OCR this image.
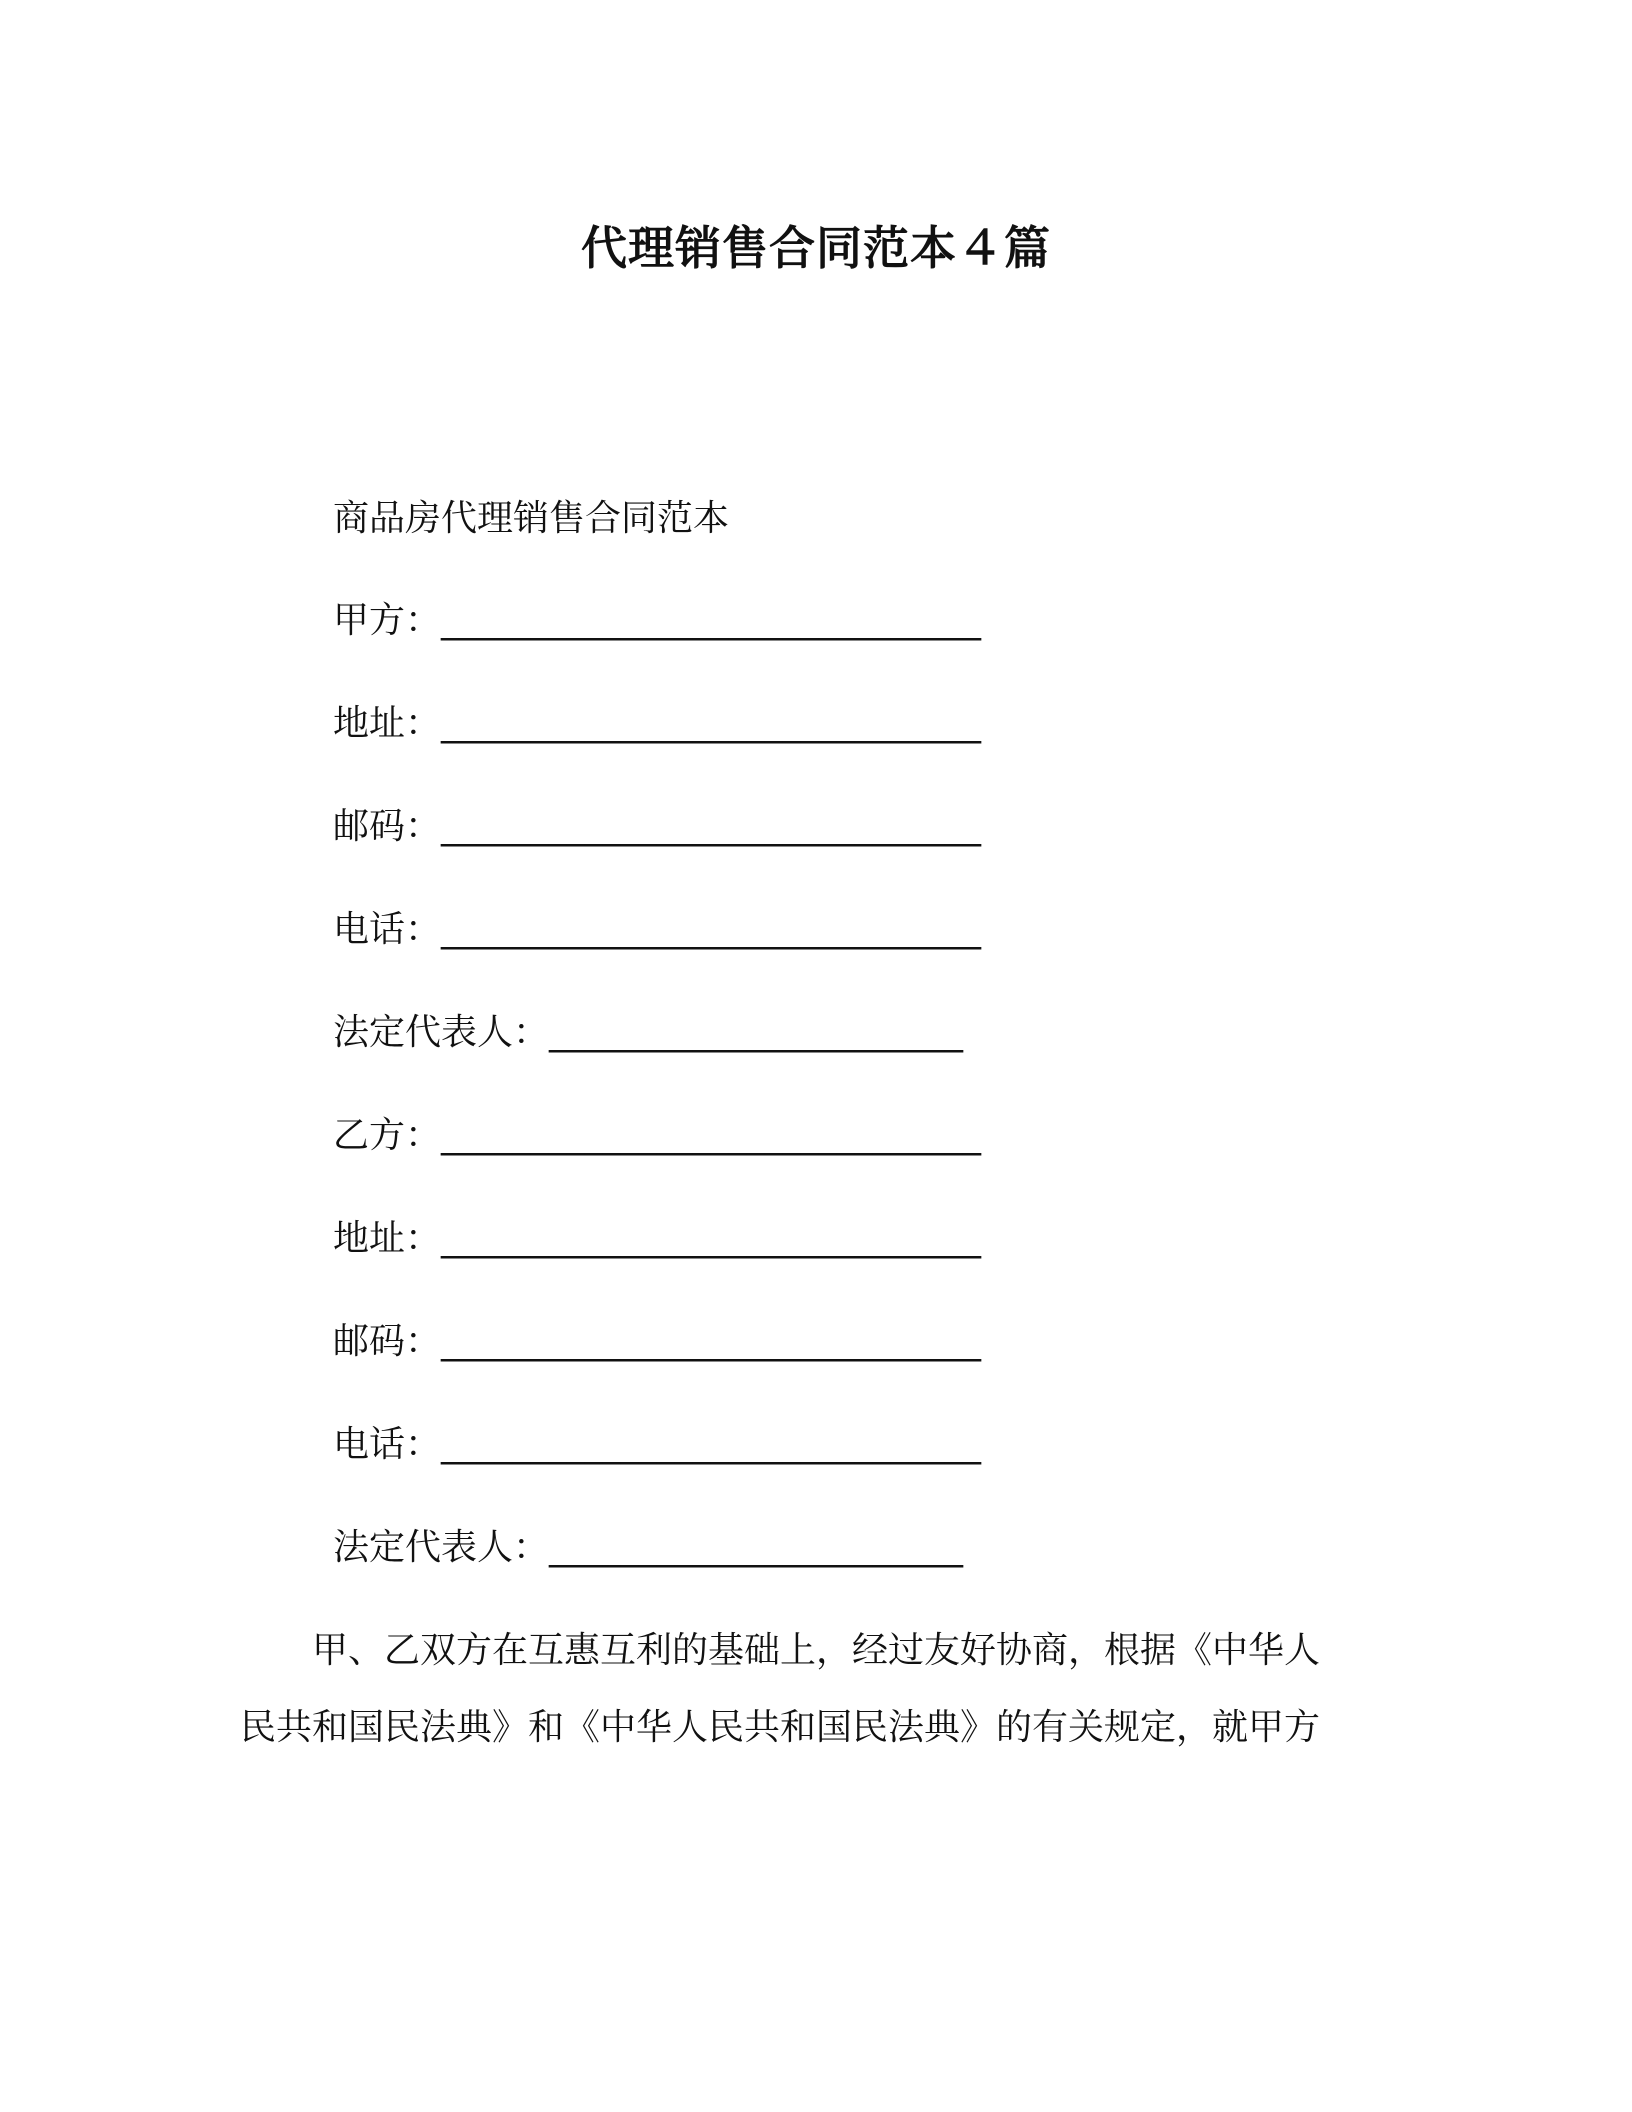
代理销售合同范本４篇
商品房代理销售合同范本
甲方：______________________________
地址：______________________________
邮码：______________________________
电话：______________________________
法定代表人：_______________________
乙方：______________________________
地址：______________________________
邮码：______________________________
电话：______________________________
法定代表人：_______________________
　　甲、乙双方在互惠互利的基础上，经过友好协商，根据《中华人
民共和国民法典》和《中华人民共和国民法典》的有关规定，就甲方
